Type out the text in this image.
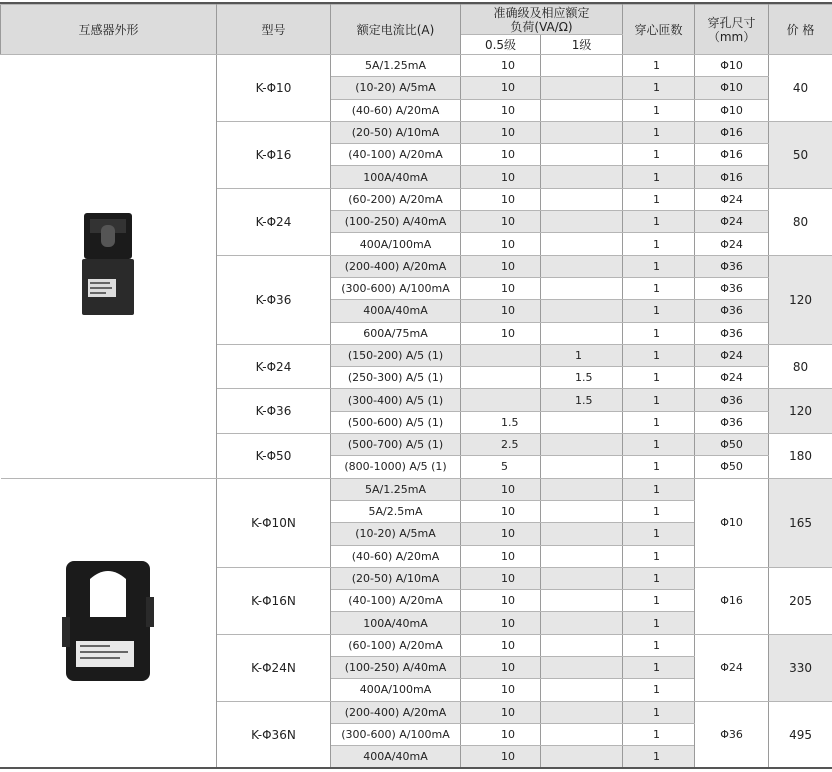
互感器外形	型号	额定电流比(A)	准确级及相应额定负荷(VA/Ω)		穿心匝数	穿孔尺寸（mm）	价 格
			0.5级	1级			

	K-Φ10	5A/1.25mA	10		1	Φ10	40
		(10-20) A/5mA	10		1	Φ10	
		(40-60) A/20mA	10		1	Φ10	
	K-Φ16	(20-50) A/10mA	10		1	Φ16	50
		(40-100) A/20mA	10		1	Φ16	
		100A/40mA	10		1	Φ16	
	K-Φ24	(60-200) A/20mA	10		1	Φ24	80
		(100-250) A/40mA	10		1	Φ24	
		400A/100mA	10		1	Φ24	
	K-Φ36	(200-400) A/20mA	10		1	Φ36	120
		(300-600) A/100mA	10		1	Φ36	
		400A/40mA	10		1	Φ36	
		600A/75mA	10		1	Φ36	
	K-Φ24	(150-200) A/5 (1)		1	1	Φ24	80
		(250-300) A/5 (1)		1.5	1	Φ24	
	K-Φ36	(300-400) A/5 (1)		1.5	1	Φ36	120
		(500-600) A/5 (1)	1.5		1	Φ36	
	K-Φ50	(500-700) A/5 (1)	2.5		1	Φ50	180
		(800-1000) A/5 (1)	5		1	Φ50	

	K-Φ10N	5A/1.25mA	10		1	Φ10	165
		5A/2.5mA	10		1		
		(10-20) A/5mA	10		1		
		(40-60) A/20mA	10		1		
	K-Φ16N	(20-50) A/10mA	10		1	Φ16	205
		(40-100) A/20mA	10		1		
		100A/40mA	10		1		
	K-Φ24N	(60-100) A/20mA	10		1	Φ24	330
		(100-250) A/40mA	10		1		
		400A/100mA	10		1		
	K-Φ36N	(200-400) A/20mA	10		1	Φ36	495
		(300-600) A/100mA	10		1		
		400A/40mA	10		1		
